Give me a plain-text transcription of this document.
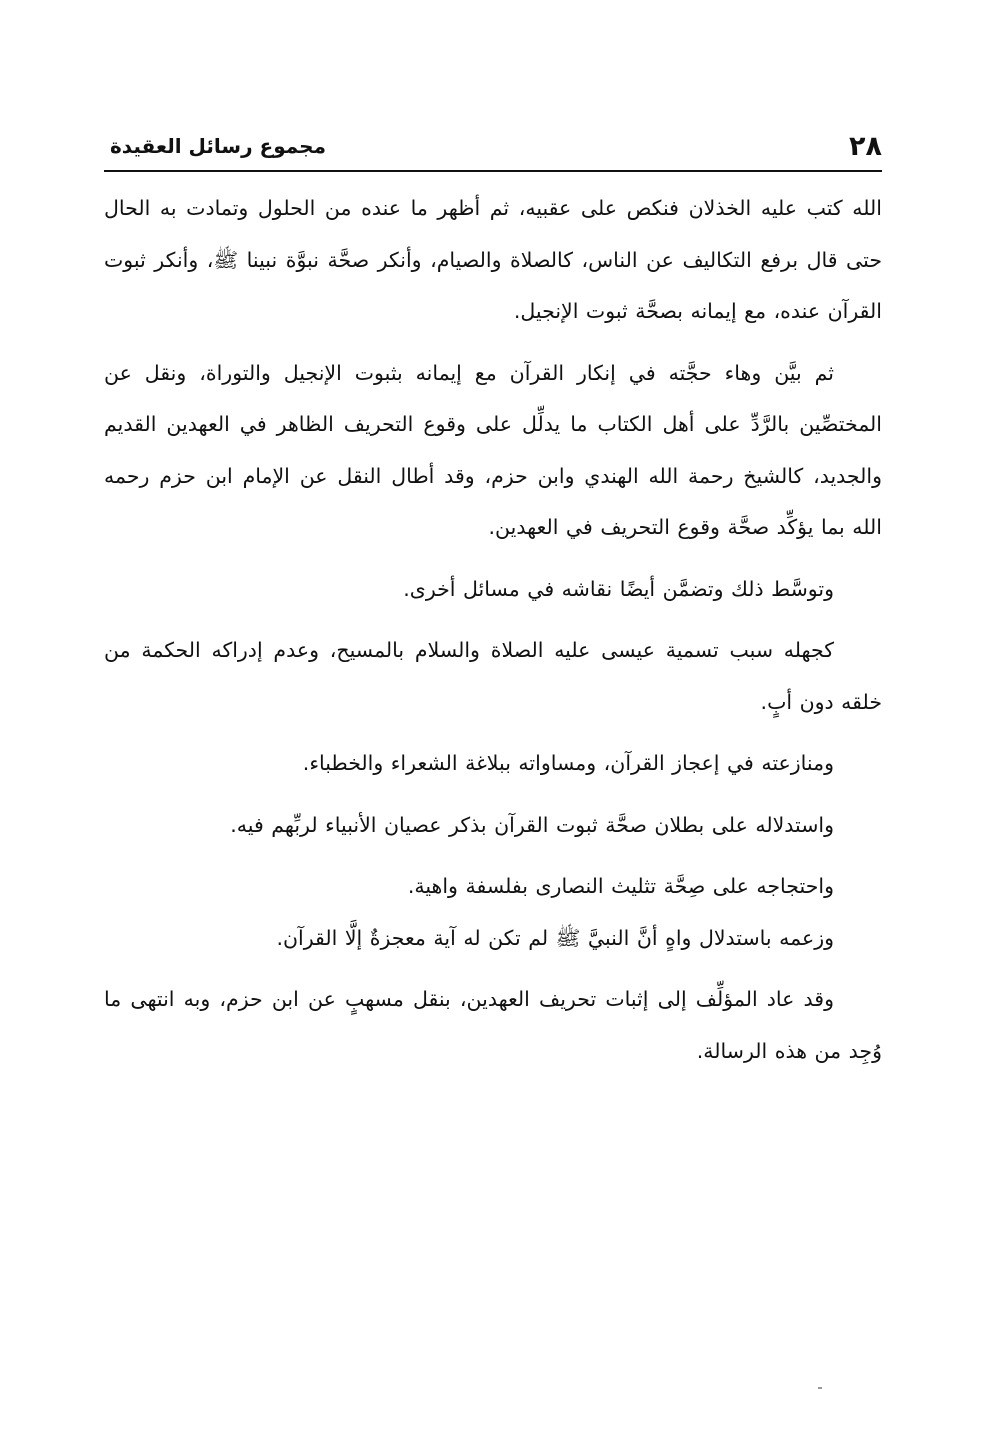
مجموع رسائل العقيدة	٢٨

الله كتب عليه الخذلان فنكص على عقبيه، ثم أظهر ما عنده من الحلول وتمادت به الحال حتى قال برفع التكاليف عن الناس، كالصلاة والصيام، وأنكر صحَّة نبوَّة نبينا ﷺ، وأنكر ثبوت القرآن عنده، مع إيمانه بصحَّة ثبوت الإنجيل.

ثم بيَّن وهاء حجَّته في إنكار القرآن مع إيمانه بثبوت الإنجيل والتوراة، ونقل عن المختصِّين بالرَّدِّ على أهل الكتاب ما يدلِّل على وقوع التحريف الظاهر في العهدين القديم والجديد، كالشيخ رحمة الله الهندي وابن حزم، وقد أطال النقل عن الإمام ابن حزم رحمه الله بما يؤكِّد صحَّة وقوع التحريف في العهدين.

وتوسَّط ذلك وتضمَّن أيضًا نقاشه في مسائل أخرى.

كجهله سبب تسمية عيسى عليه الصلاة والسلام بالمسيح، وعدم إدراكه الحكمة من خلقه دون أبٍ.

ومنازعته في إعجاز القرآن، ومساواته ببلاغة الشعراء والخطباء.

واستدلاله على بطلان صحَّة ثبوت القرآن بذكر عصيان الأنبياء لربِّهم فيه.

واحتجاجه على صِحَّة تثليث النصارى بفلسفة واهية.

وزعمه باستدلال واهٍ أنَّ النبيَّ ﷺ لم تكن له آية معجزةٌ إلَّا القرآن.

وقد عاد المؤلِّف إلى إثبات تحريف العهدين، بنقل مسهبٍ عن ابن حزم، وبه انتهى ما وُجِد من هذه الرسالة.
